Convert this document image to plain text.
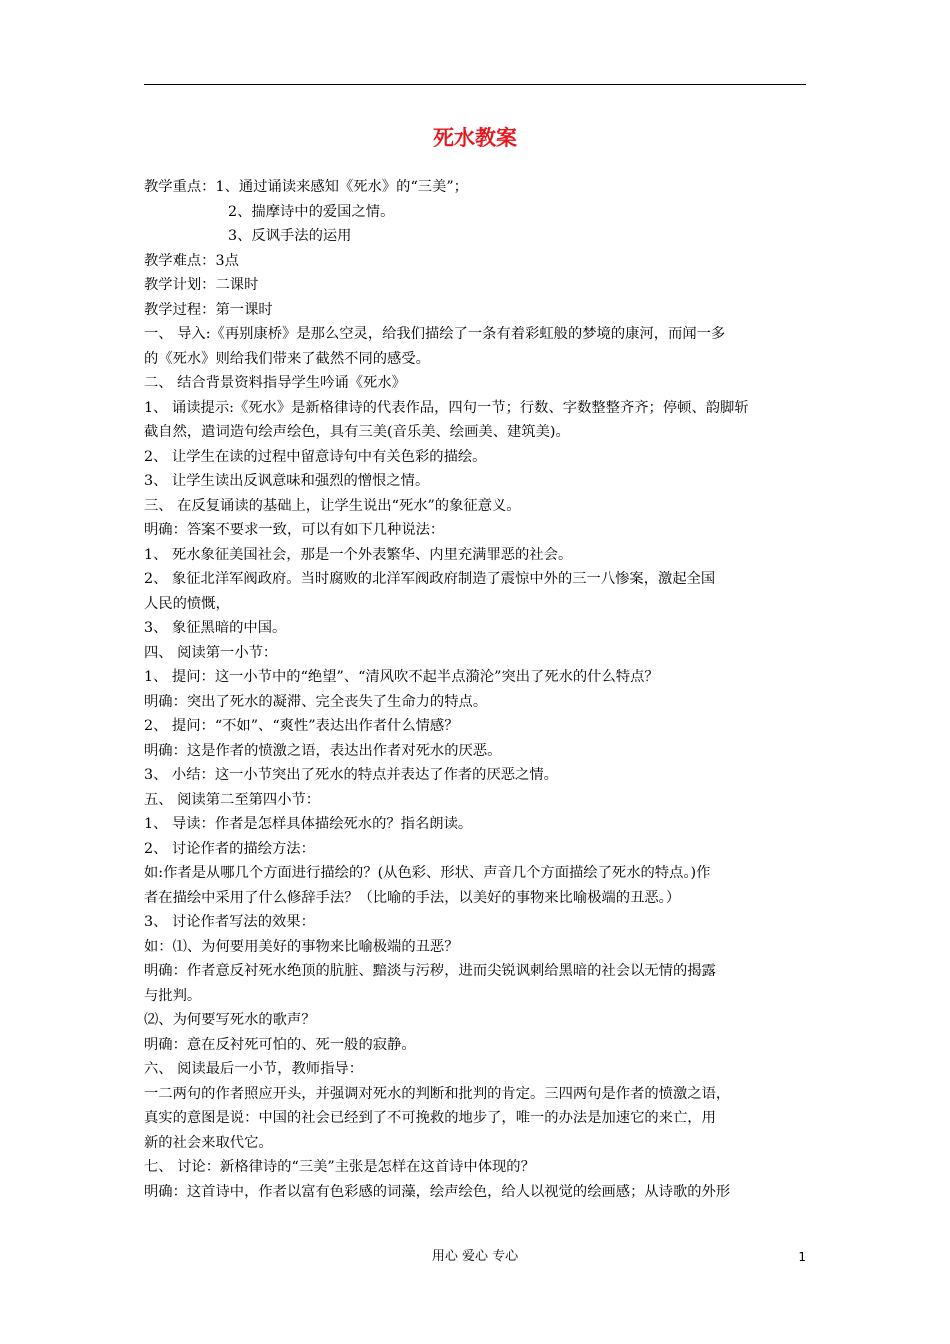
死水教案
教学重点：1、通过诵读来感知《死水》的“三美”；
2、揣摩诗中的爱国之情。
3、反讽手法的运用
教学难点：3点
教学计划：二课时
教学过程：第一课时
一、 导入:《再别康桥》是那么空灵，给我们描绘了一条有着彩虹般的梦境的康河，而闻一多
的《死水》则给我们带来了截然不同的感受。
二、 结合背景资料指导学生吟诵《死水》
1、 诵读提示:《死水》是新格律诗的代表作品，四句一节；行数、字数整整齐齐；停顿、韵脚斩
截自然，遣词造句绘声绘色，具有三美(音乐美、绘画美、建筑美)。
2、 让学生在读的过程中留意诗句中有关色彩的描绘。
3、 让学生读出反讽意味和强烈的憎恨之情。
三、 在反复诵读的基础上，让学生说出“死水”的象征意义。
明确：答案不要求一致，可以有如下几种说法：
1、 死水象征美国社会，那是一个外表繁华、内里充满罪恶的社会。
2、 象征北洋军阀政府。当时腐败的北洋军阀政府制造了震惊中外的三一八惨案，激起全国
人民的愤慨，
3、 象征黑暗的中国。
四、 阅读第一小节：
1、 提问：这一小节中的“绝望”、“清风吹不起半点漪沦”突出了死水的什么特点？
明确：突出了死水的凝滞、完全丧失了生命力的特点。
2、 提问：“不如”、“爽性”表达出作者什么情感？
明确：这是作者的愤激之语，表达出作者对死水的厌恶。
3、 小结：这一小节突出了死水的特点并表达了作者的厌恶之情。
五、 阅读第二至第四小节：
1、 导读：作者是怎样具体描绘死水的？指名朗读。
2、 讨论作者的描绘方法：
如:作者是从哪几个方面进行描绘的？(从色彩、形状、声音几个方面描绘了死水的特点。)作
者在描绘中采用了什么修辞手法？（比喻的手法，以美好的事物来比喻极端的丑恶。）
3、 讨论作者写法的效果：
如：⑴、为何要用美好的事物来比喻极端的丑恶？
明确：作者意反衬死水绝顶的肮脏、黯淡与污秽，进而尖锐讽刺给黑暗的社会以无情的揭露
与批判。
⑵、为何要写死水的歌声？
明确：意在反衬死可怕的、死一般的寂静。
六、 阅读最后一小节，教师指导：
一二两句的作者照应开头，并强调对死水的判断和批判的肯定。三四两句是作者的愤激之语，
真实的意图是说：中国的社会已经到了不可挽救的地步了，唯一的办法是加速它的来亡，用
新的社会来取代它。
七、 讨论：新格律诗的“三美”主张是怎样在这首诗中体现的？
明确：这首诗中，作者以富有色彩感的词藻，绘声绘色，给人以视觉的绘画感；从诗歌的外形
用心 爱心 专心	1
